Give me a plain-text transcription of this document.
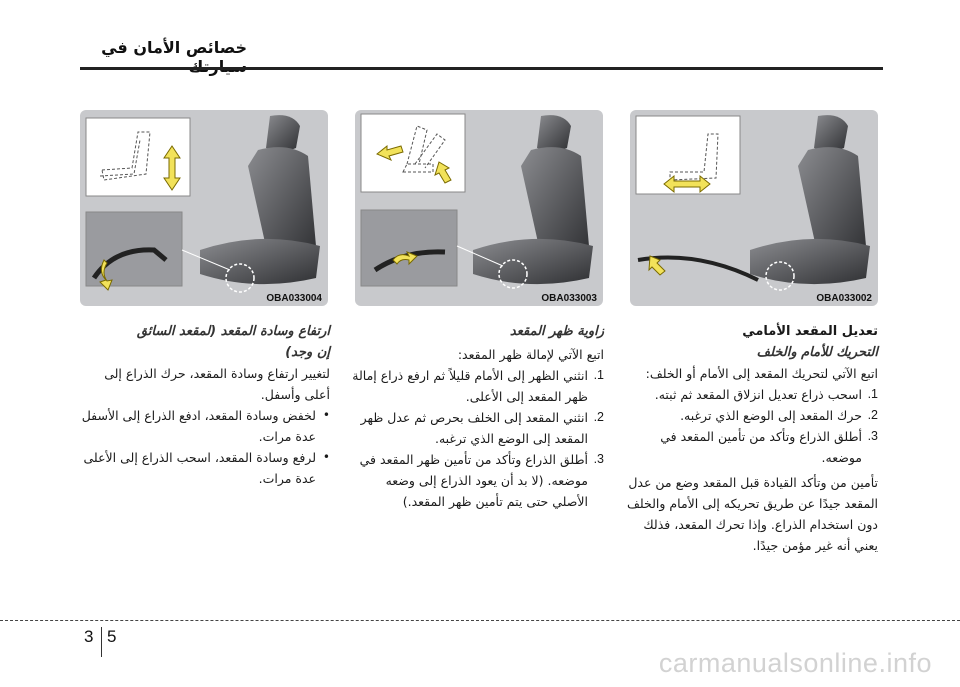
خصائص الأمان في
OBA033004	OBA033003	OBA033002
تعديل المقعد الأمامي
التحريك للأمام والخلف
اتبع الآتي لتحريك المقعد إلى الأمام أو الخلف:
1.
اسحب ذراع تعديل انزلاق المقعد ثم ثبته.
2.
حرك المقعد إلى الوضع الذي ترغبه.
3.
أطلق الذراع وتأكد من تأمين المقعد في موضعه.
تأمين من وتأكد القيادة قبل المقعد وضع من عدل المقعد جيدًا عن طريق تحريكه إلى الأمام والخلف دون استخدام الذراع. وإذا تحرك المقعد، فذلك يعني أنه غير مؤمن جيدًا.
زاوية ظهر المقعد
اتبع الآتي لإمالة ظهر المقعد:
1.
انثني الظهر إلى الأمام قليلاً ثم ارفع ذراع إمالة ظهر المقعد إلى الأعلى.
2.
انثني المقعد إلى الخلف بحرص ثم عدل ظهر المقعد إلى الوضع الذي ترغبه.
3.
أطلق الذراع وتأكد من تأمين ظهر المقعد في موضعه. (لا بد أن يعود الذراع إلى وضعه الأصلي حتى يتم تأمين ظهر المقعد.)
ارتفاع وسادة المقعد (لمقعد السائق
إن وجد)
لتغيير ارتفاع وسادة المقعد، حرك الذراع إلى أعلى وأسفل.
•
لخفض وسادة المقعد، ادفع الذراع إلى الأسفل عدة مرات.
•
لرفع وسادة المقعد، اسحب الذراع إلى الأعلى عدة مرات.
3 5
carmanualsonline.info
